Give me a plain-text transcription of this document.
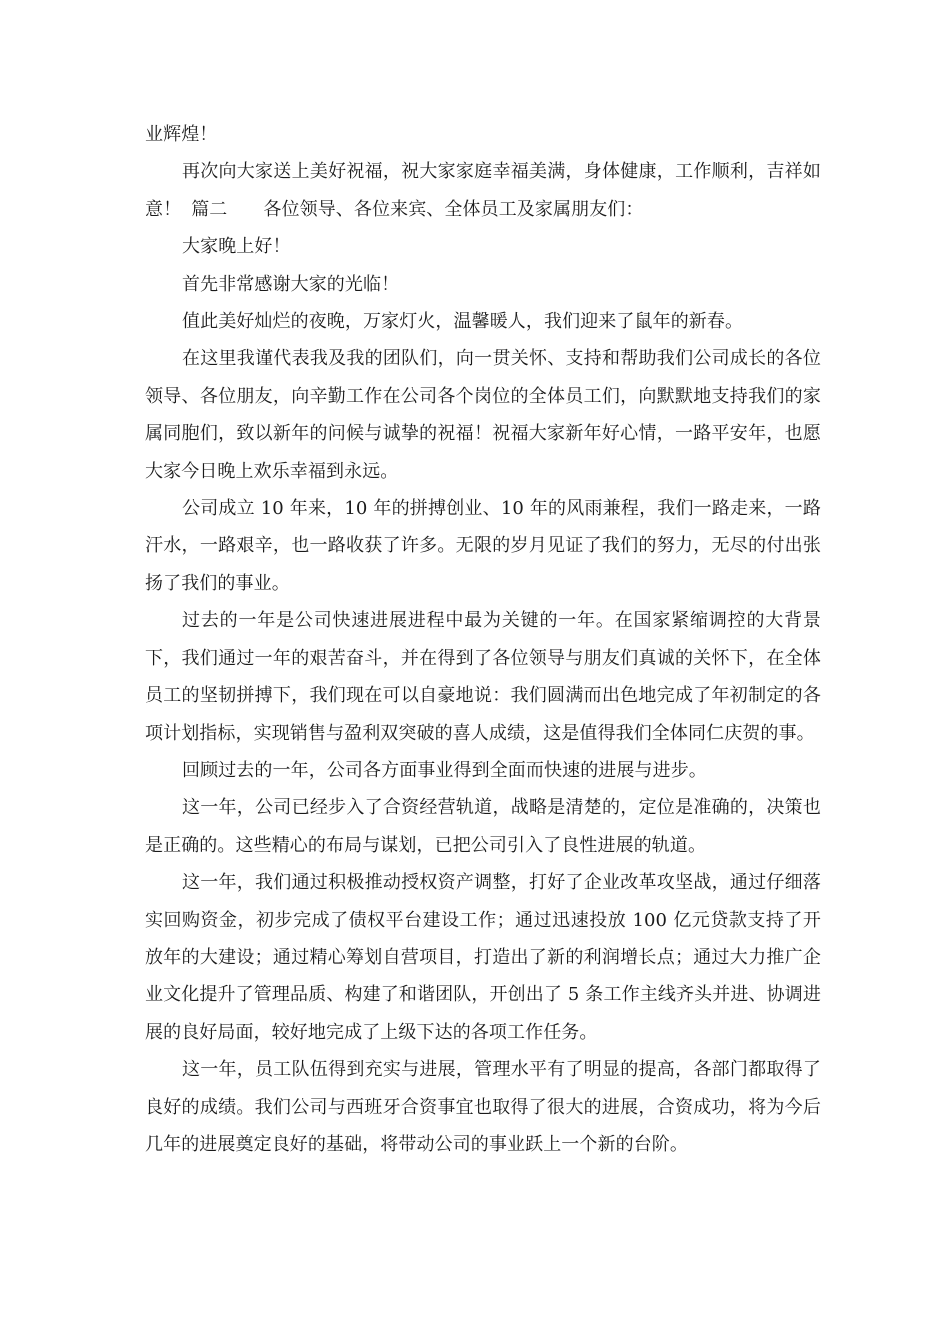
业辉煌！

再次向大家送上美好祝福，祝大家家庭幸福美满，身体健康，工作顺利，吉祥如意！ 篇二 各位领导、各位来宾、全体员工及家属朋友们：

大家晚上好！

首先非常感谢大家的光临！

值此美好灿烂的夜晚，万家灯火，温馨暖人，我们迎来了鼠年的新春。

在这里我谨代表我及我的团队们，向一贯关怀、支持和帮助我们公司成长的各位领导、各位朋友，向辛勤工作在公司各个岗位的全体员工们，向默默地支持我们的家属同胞们，致以新年的问候与诚挚的祝福！祝福大家新年好心情，一路平安年，也愿大家今日晚上欢乐幸福到永远。

公司成立 10 年来，10 年的拼搏创业、10 年的风雨兼程，我们一路走来，一路汗水，一路艰辛，也一路收获了许多。无限的岁月见证了我们的努力，无尽的付出张扬了我们的事业。

过去的一年是公司快速进展进程中最为关键的一年。在国家紧缩调控的大背景下，我们通过一年的艰苦奋斗，并在得到了各位领导与朋友们真诚的关怀下，在全体员工的坚韧拼搏下，我们现在可以自豪地说：我们圆满而出色地完成了年初制定的各项计划指标，实现销售与盈利双突破的喜人成绩，这是值得我们全体同仁庆贺的事。

回顾过去的一年，公司各方面事业得到全面而快速的进展与进步。

这一年，公司已经步入了合资经营轨道，战略是清楚的，定位是准确的，决策也是正确的。这些精心的布局与谋划，已把公司引入了良性进展的轨道。

这一年，我们通过积极推动授权资产调整，打好了企业改革攻坚战，通过仔细落实回购资金，初步完成了债权平台建设工作；通过迅速投放 100 亿元贷款支持了开放年的大建设；通过精心筹划自营项目，打造出了新的利润增长点；通过大力推广企业文化提升了管理品质、构建了和谐团队，开创出了 5 条工作主线齐头并进、协调进展的良好局面，较好地完成了上级下达的各项工作任务。

这一年，员工队伍得到充实与进展，管理水平有了明显的提高，各部门都取得了良好的成绩。我们公司与西班牙合资事宜也取得了很大的进展，合资成功，将为今后几年的进展奠定良好的基础，将带动公司的事业跃上一个新的台阶。
